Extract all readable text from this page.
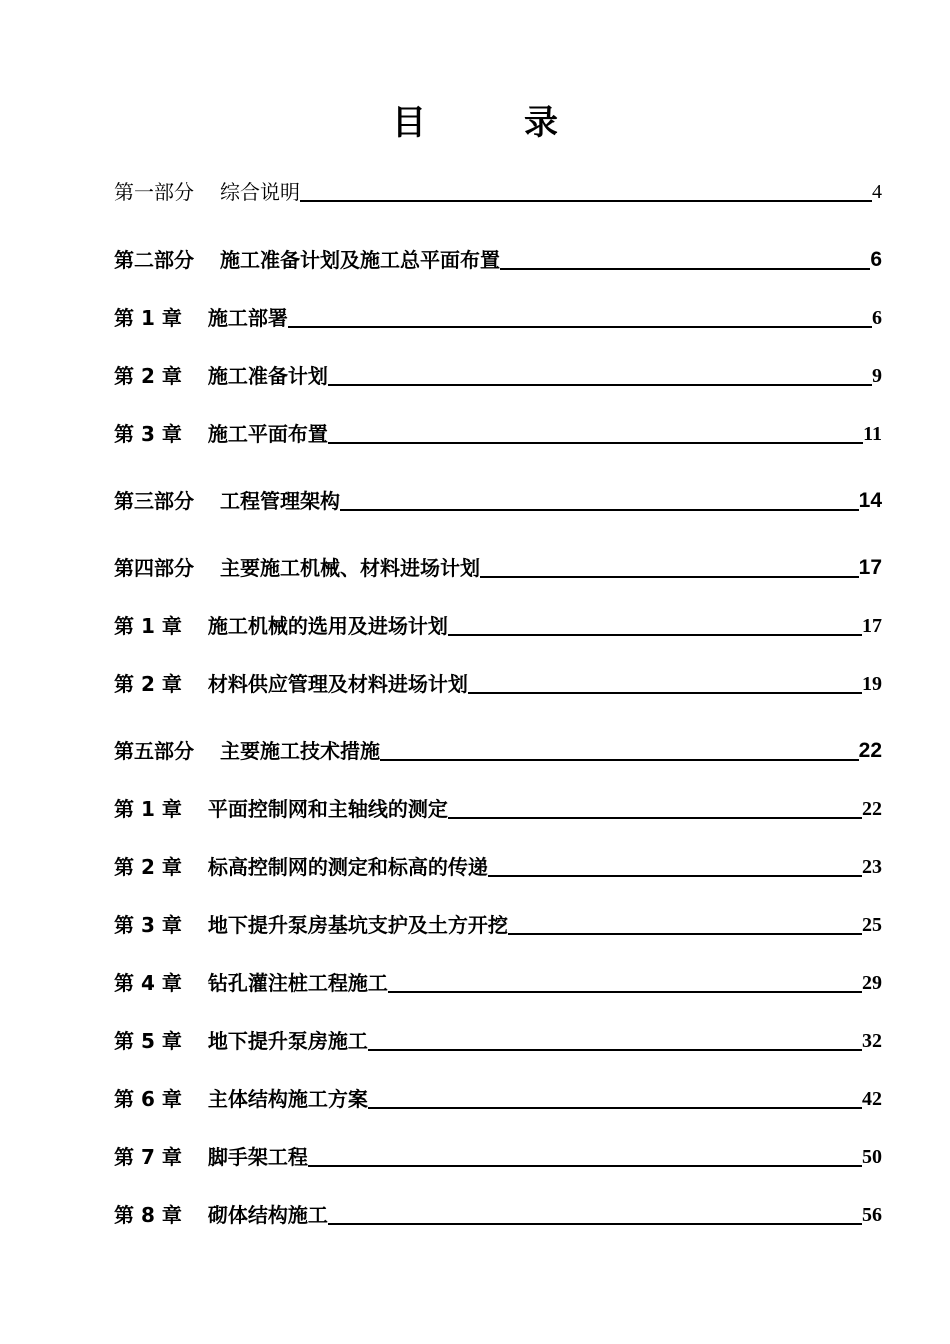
目　录
第一部分 综合说明	4
第二部分 施工准备计划及施工总平面布置	6
第 1 章 施工部署	6
第 2 章 施工准备计划	9
第 3 章 施工平面布置	11
第三部分 工程管理架构	14
第四部分 主要施工机械、材料进场计划	17
第 1 章 施工机械的选用及进场计划	17
第 2 章 材料供应管理及材料进场计划	19
第五部分 主要施工技术措施	22
第 1 章 平面控制网和主轴线的测定	22
第 2 章 标高控制网的测定和标高的传递	23
第 3 章 地下提升泵房基坑支护及土方开挖	25
第 4 章 钻孔灌注桩工程施工	29
第 5 章 地下提升泵房施工	32
第 6 章 主体结构施工方案	42
第 7 章 脚手架工程	50
第 8 章 砌体结构施工	56
